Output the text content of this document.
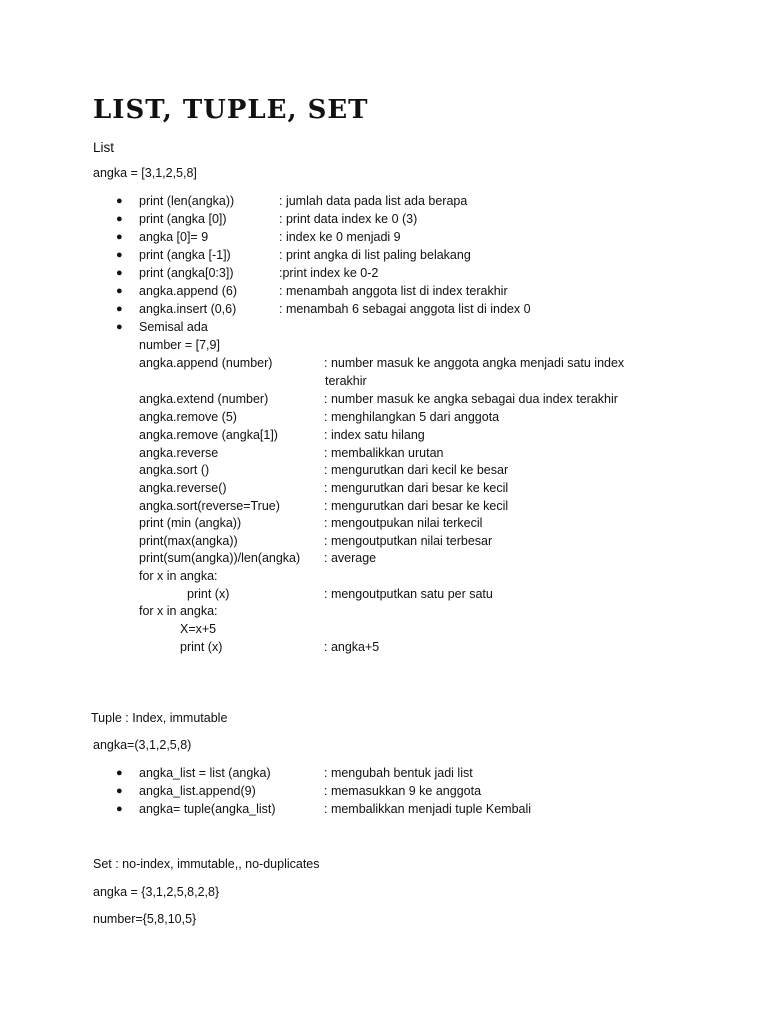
LIST, TUPLE, SET
List
angka = [3,1,2,5,8]
● print (len(angka))	: jumlah data pada list ada berapa
● print (angka [0])	: print data index ke 0 (3)
● angka [0]= 9	: index ke 0 menjadi 9
● print (angka [-1])	: print angka di list paling belakang
● print (angka[0:3])	:print index ke 0-2
● angka.append (6)	: menambah anggota list di index terakhir
● angka.insert (0,6)	: menambah 6 sebagai anggota list di index 0
● Semisal ada
number = [7,9]
angka.append (number)	: number masuk ke anggota angka menjadi satu index
terakhir
angka.extend (number)	: number masuk ke angka sebagai dua index terakhir
angka.remove (5)	: menghilangkan 5 dari anggota
angka.remove (angka[1])	: index satu hilang
angka.reverse	: membalikkan urutan
angka.sort ()	: mengurutkan dari kecil ke besar
angka.reverse()	: mengurutkan dari besar ke kecil
angka.sort(reverse=True)	: mengurutkan dari besar ke kecil
print (min (angka))	: mengoutpukan nilai terkecil
print(max(angka))	: mengoutputkan nilai terbesar
print(sum(angka))/len(angka) : average
for x in angka:
print (x)	: mengoutputkan satu per satu
for x in angka:
X=x+5
print (x)	: angka+5
Tuple : Index, immutable
angka=(3,1,2,5,8)
● angka_list = list (angka)	: mengubah bentuk jadi list
● angka_list.append(9)	: memasukkan 9 ke anggota
● angka= tuple(angka_list)	: membalikkan menjadi tuple Kembali
Set : no-index, immutable,, no-duplicates
angka = {3,1,2,5,8,2,8}
number={5,8,10,5}
